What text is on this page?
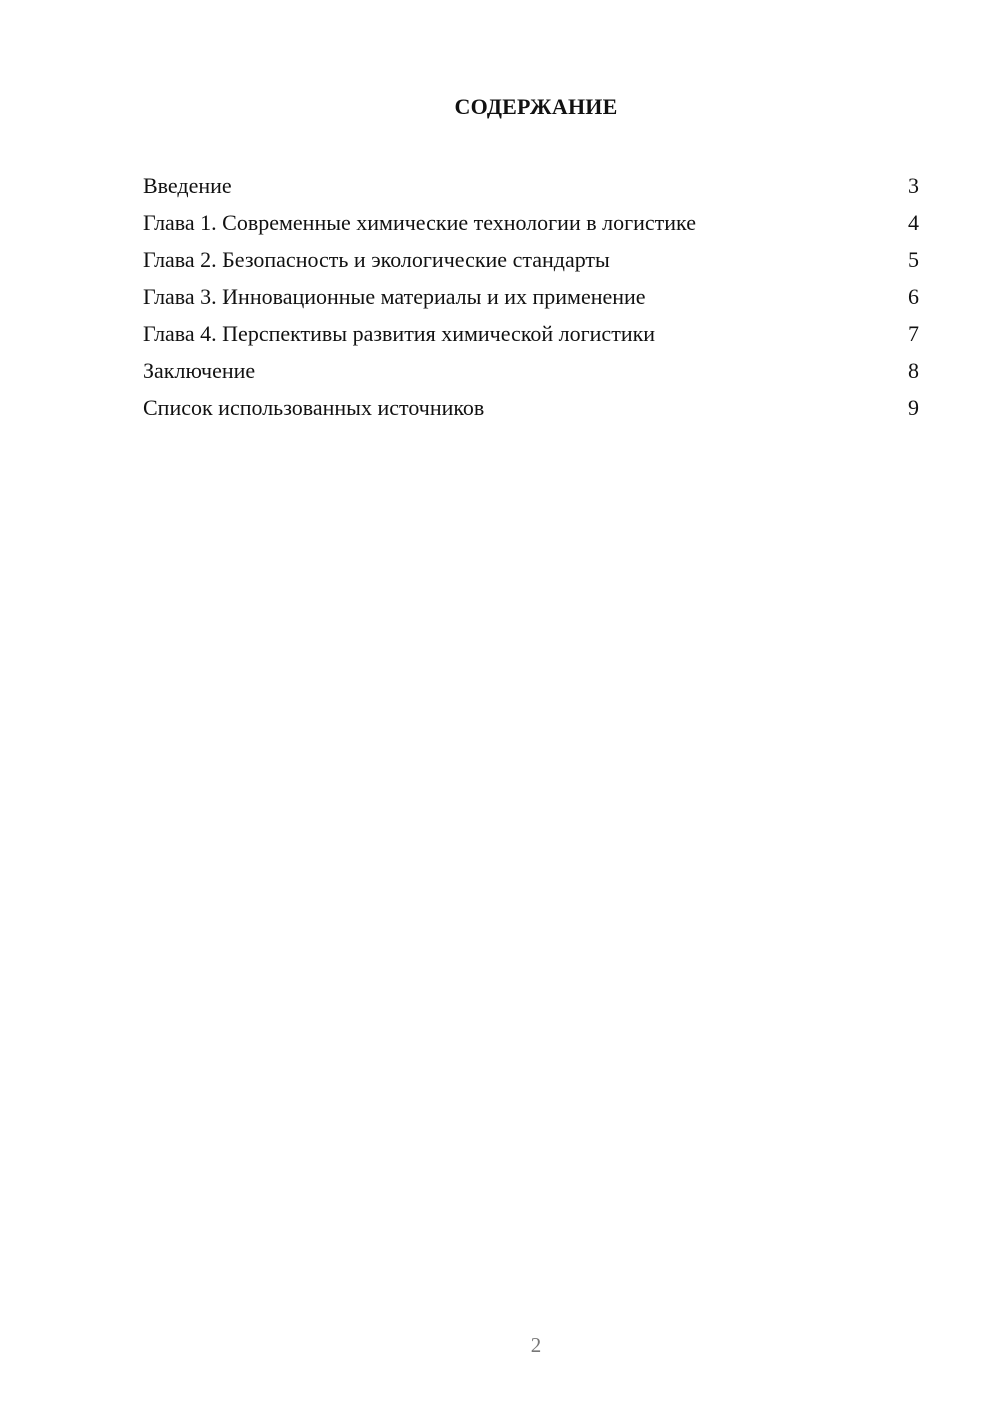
СОДЕРЖАНИЕ
Введение	3
Глава 1. Современные химические технологии в логистике	4
Глава 2. Безопасность и экологические стандарты	5
Глава 3. Инновационные материалы и их применение	6
Глава 4. Перспективы развития химической логистики	7
Заключение	8
Список использованных источников	9
2
